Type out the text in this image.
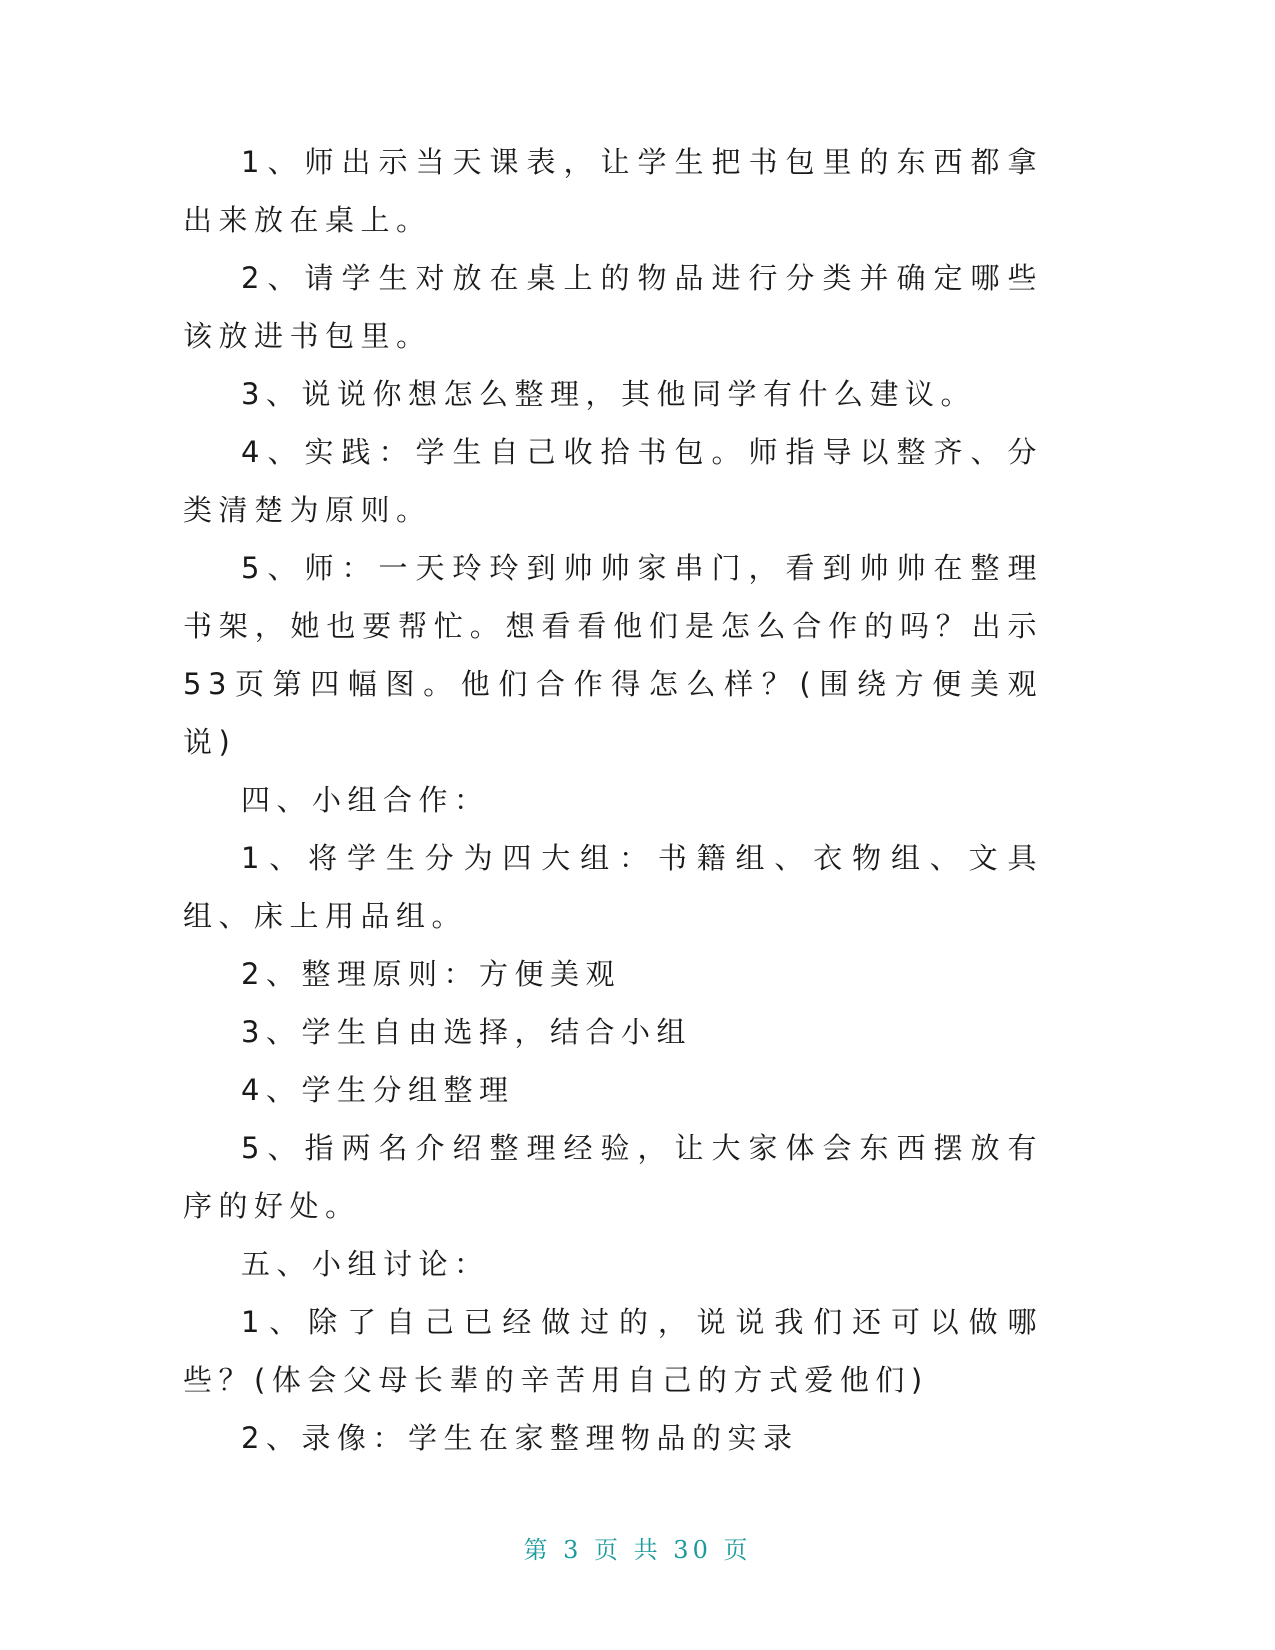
1、师出示当天课表，让学生把书包里的东西都拿出来放在桌上。

2、请学生对放在桌上的物品进行分类并确定哪些该放进书包里。

3、说说你想怎么整理，其他同学有什么建议。

4、实践：学生自己收拾书包。师指导以整齐、分类清楚为原则。

5、师：一天玲玲到帅帅家串门，看到帅帅在整理书架，她也要帮忙。想看看他们是怎么合作的吗？出示53页第四幅图。他们合作得怎么样？(围绕方便美观说)

四、小组合作：

1、将学生分为四大组：书籍组、衣物组、文具组、床上用品组。

2、整理原则：方便美观

3、学生自由选择，结合小组

4、学生分组整理

5、指两名介绍整理经验，让大家体会东西摆放有序的好处。

五、小组讨论：

1、除了自己已经做过的，说说我们还可以做哪些？(体会父母长辈的辛苦用自己的方式爱他们)

2、录像：学生在家整理物品的实录

第 3 页 共 30 页
